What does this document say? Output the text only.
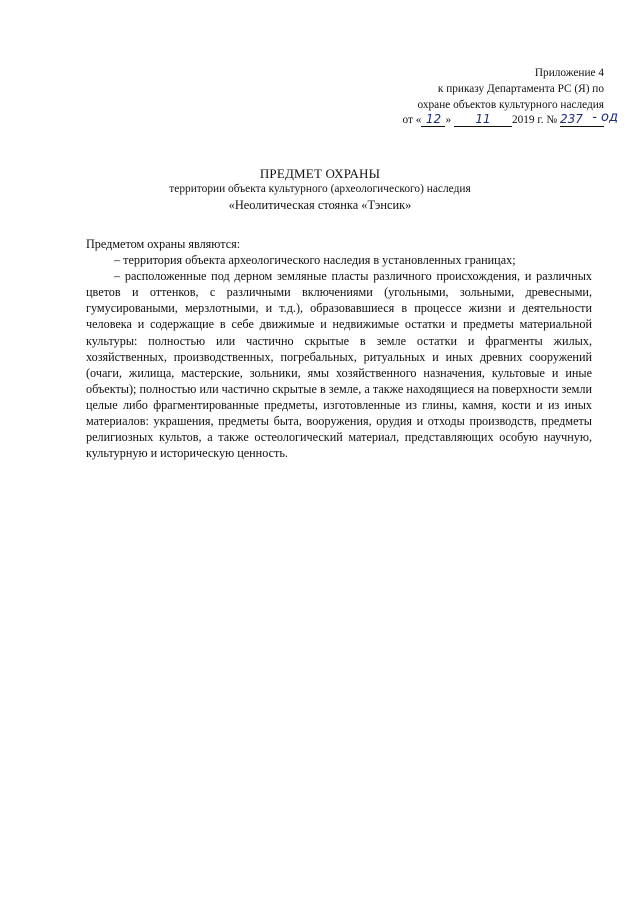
Приложение 4
к приказу Департамента РС (Я) по
охране объектов культурного наследия
от « 12 » 11 2019 г. № 237 - од
ПРЕДМЕТ ОХРАНЫ
территории объекта культурного (археологического) наследия
«Неолитическая стоянка «Тэнсик»

Предметом охраны являются:

– территория объекта археологического наследия в установленных границах;

– расположенные под дерном земляные пласты различного происхождения, и различных цветов и оттенков, с различными включениями (угольными, зольными, древесными, гумусироваными, мерзлотными, и т.д.), образовавшиеся в процессе жизни и деятельности человека и содержащие в себе движимые и недвижимые остатки и предметы материальной культуры: полностью или частично скрытые в земле остатки и фрагменты жилых, хозяйственных, производственных, погребальных, ритуальных и иных древних сооружений (очаги, жилища, мастерские, зольники, ямы хозяйственного назначения, культовые и иные объекты); полностью или частично скрытые в земле, а также находящиеся на поверхности земли целые либо фрагментированные предметы, изготовленные из глины, камня, кости и из иных материалов: украшения, предметы быта, вооружения, орудия и отходы производств, предметы религиозных культов, а также остеологический материал, представляющих особую научную, культурную и историческую ценность.
